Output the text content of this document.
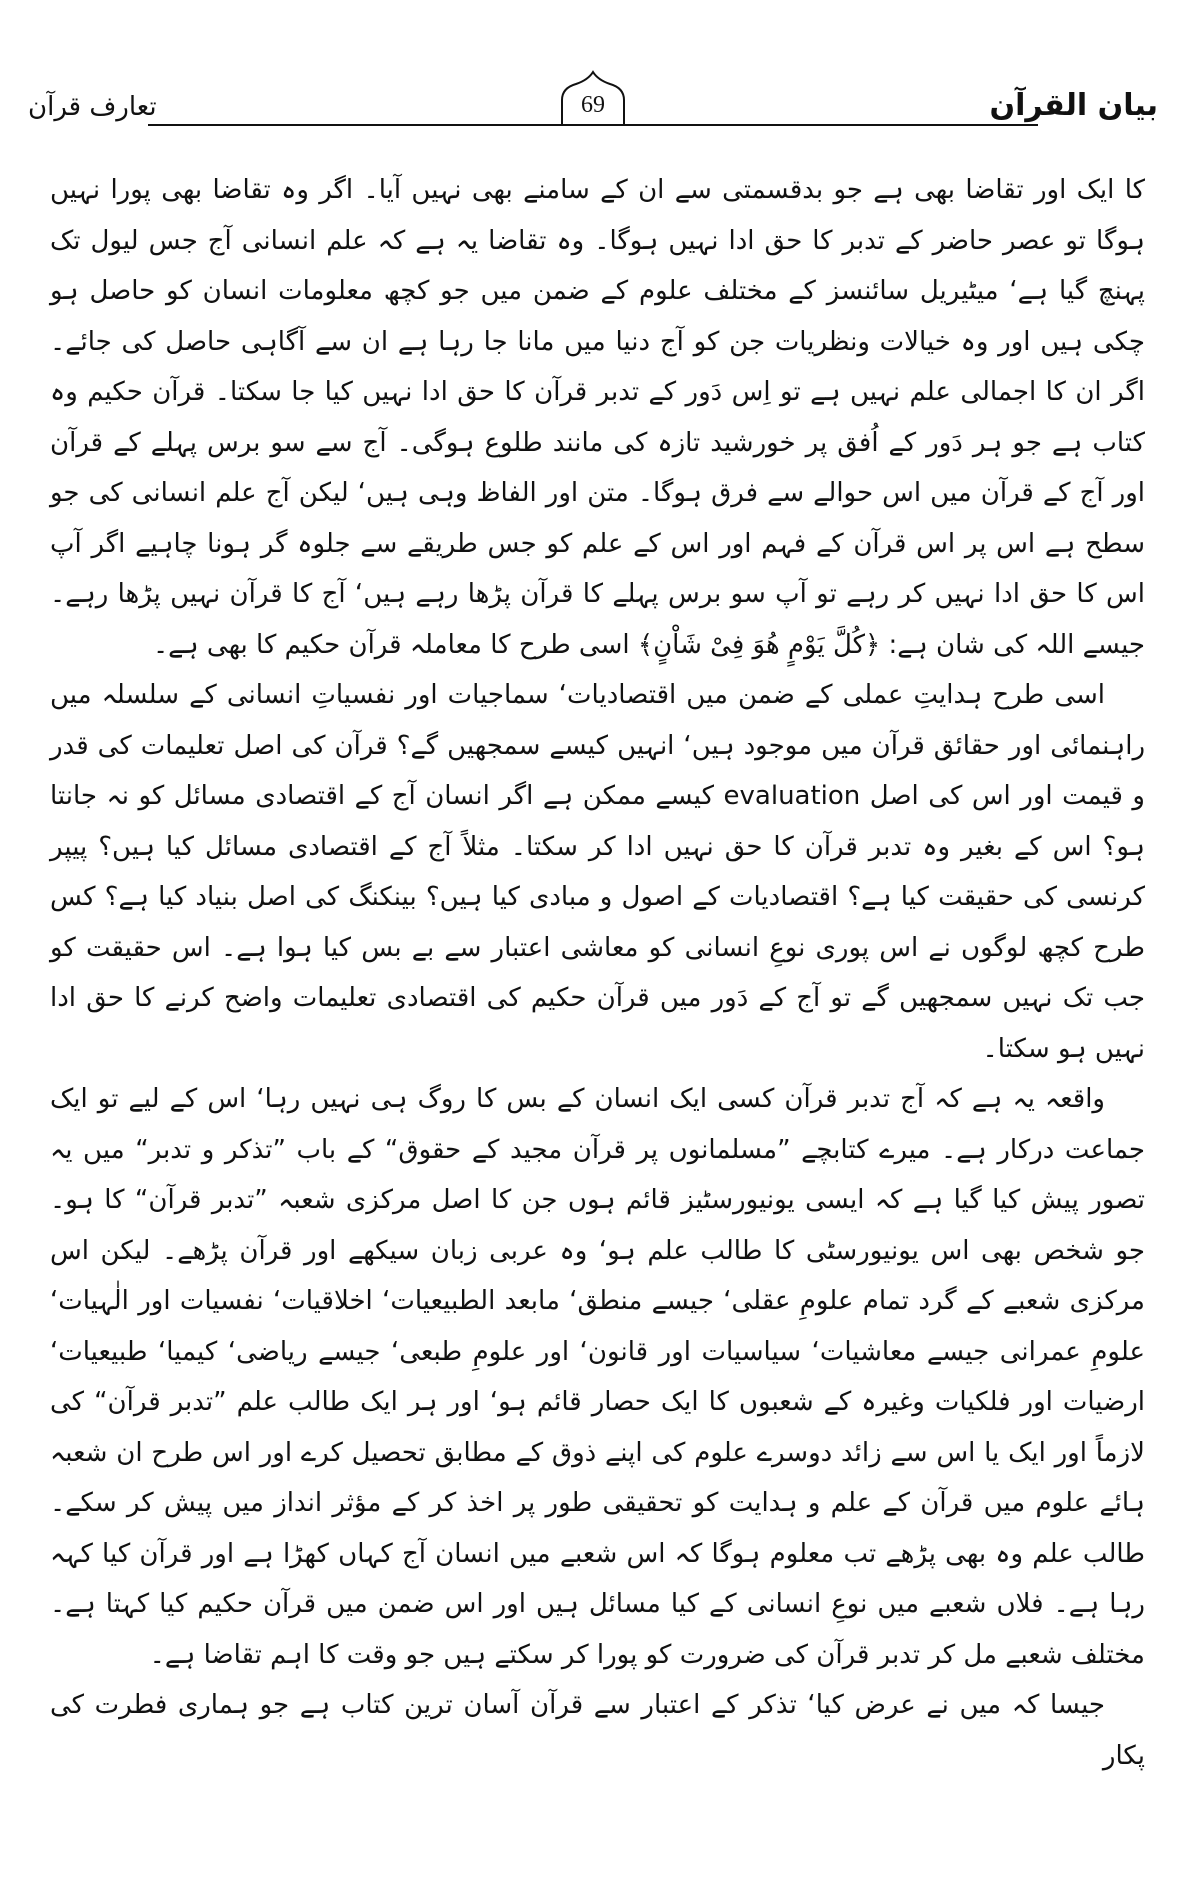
بیان القرآن
تعارف قرآن	69

کا ایک اور تقاضا بھی ہے جو بدقسمتی سے ان کے سامنے بھی نہیں آیا۔ اگر وہ تقاضا بھی پورا نہیں ہوگا تو عصر حاضر کے تدبر کا حق ادا نہیں ہوگا۔ وہ تقاضا یہ ہے کہ علم انسانی آج جس لیول تک پہنچ گیا ہے‘ میٹیریل سائنسز کے مختلف علوم کے ضمن میں جو کچھ معلومات انسان کو حاصل ہو چکی ہیں اور وہ خیالات ونظریات جن کو آج دنیا میں مانا جا رہا ہے ان سے آگاہی حاصل کی جائے۔ اگر ان کا اجمالی علم نہیں ہے تو اِس دَور کے تدبر قرآن کا حق ادا نہیں کیا جا سکتا۔ قرآن حکیم وہ کتاب ہے جو ہر دَور کے اُفق پر خورشید تازہ کی مانند طلوع ہوگی۔ آج سے سو برس پہلے کے قرآن اور آج کے قرآن میں اس حوالے سے فرق ہوگا۔ متن اور الفاظ وہی ہیں‘ لیکن آج علم انسانی کی جو سطح ہے اس پر اس قرآن کے فہم اور اس کے علم کو جس طریقے سے جلوہ گر ہونا چاہیے اگر آپ اس کا حق ادا نہیں کر رہے تو آپ سو برس پہلے کا قرآن پڑھا رہے ہیں‘ آج کا قرآن نہیں پڑھا رہے۔ جیسے اللہ کی شان ہے: ﴿كُلَّ يَوْمٍ هُوَ فِىْ شَاْنٍ﴾ اسی طرح کا معاملہ قرآن حکیم کا بھی ہے۔

اسی طرح ہدایتِ عملی کے ضمن میں اقتصادیات‘ سماجیات اور نفسیاتِ انسانی کے سلسلہ میں راہنمائی اور حقائق قرآن میں موجود ہیں‘ انہیں کیسے سمجھیں گے؟ قرآن کی اصل تعلیمات کی قدر و قیمت اور اس کی اصل evaluation کیسے ممکن ہے اگر انسان آج کے اقتصادی مسائل کو نہ جانتا ہو؟ اس کے بغیر وہ تدبر قرآن کا حق نہیں ادا کر سکتا۔ مثلاً آج کے اقتصادی مسائل کیا ہیں؟ پیپر کرنسی کی حقیقت کیا ہے؟ اقتصادیات کے اصول و مبادی کیا ہیں؟ بینکنگ کی اصل بنیاد کیا ہے؟ کس طرح کچھ لوگوں نے اس پوری نوعِ انسانی کو معاشی اعتبار سے بے بس کیا ہوا ہے۔ اس حقیقت کو جب تک نہیں سمجھیں گے تو آج کے دَور میں قرآن حکیم کی اقتصادی تعلیمات واضح کرنے کا حق ادا نہیں ہو سکتا۔

واقعہ یہ ہے کہ آج تدبر قرآن کسی ایک انسان کے بس کا روگ ہی نہیں رہا‘ اس کے لیے تو ایک جماعت درکار ہے۔ میرے کتابچے ”مسلمانوں پر قرآن مجید کے حقوق“ کے باب ”تذکر و تدبر“ میں یہ تصور پیش کیا گیا ہے کہ ایسی یونیورسٹیز قائم ہوں جن کا اصل مرکزی شعبہ ”تدبر قرآن“ کا ہو۔ جو شخص بھی اس یونیورسٹی کا طالب علم ہو‘ وہ عربی زبان سیکھے اور قرآن پڑھے۔ لیکن اس مرکزی شعبے کے گرد تمام علومِ عقلی‘ جیسے منطق‘ مابعد الطبیعیات‘ اخلاقیات‘ نفسیات اور الٰہیات‘ علومِ عمرانی جیسے معاشیات‘ سیاسیات اور قانون‘ اور علومِ طبعی‘ جیسے ریاضی‘ کیمیا‘ طبیعیات‘ ارضیات اور فلکیات وغیرہ کے شعبوں کا ایک حصار قائم ہو‘ اور ہر ایک طالب علم ”تدبر قرآن“ کی لازماً اور ایک یا اس سے زائد دوسرے علوم کی اپنے ذوق کے مطابق تحصیل کرے اور اس طرح ان شعبہ ہائے علوم میں قرآن کے علم و ہدایت کو تحقیقی طور پر اخذ کر کے مؤثر انداز میں پیش کر سکے۔ طالب علم وہ بھی پڑھے تب معلوم ہوگا کہ اس شعبے میں انسان آج کہاں کھڑا ہے اور قرآن کیا کہہ رہا ہے۔ فلاں شعبے میں نوعِ انسانی کے کیا مسائل ہیں اور اس ضمن میں قرآن حکیم کیا کہتا ہے۔ مختلف شعبے مل کر تدبر قرآن کی ضرورت کو پورا کر سکتے ہیں جو وقت کا اہم تقاضا ہے۔

جیسا کہ میں نے عرض کیا‘ تذکر کے اعتبار سے قرآن آسان ترین کتاب ہے جو ہماری فطرت کی پکار
